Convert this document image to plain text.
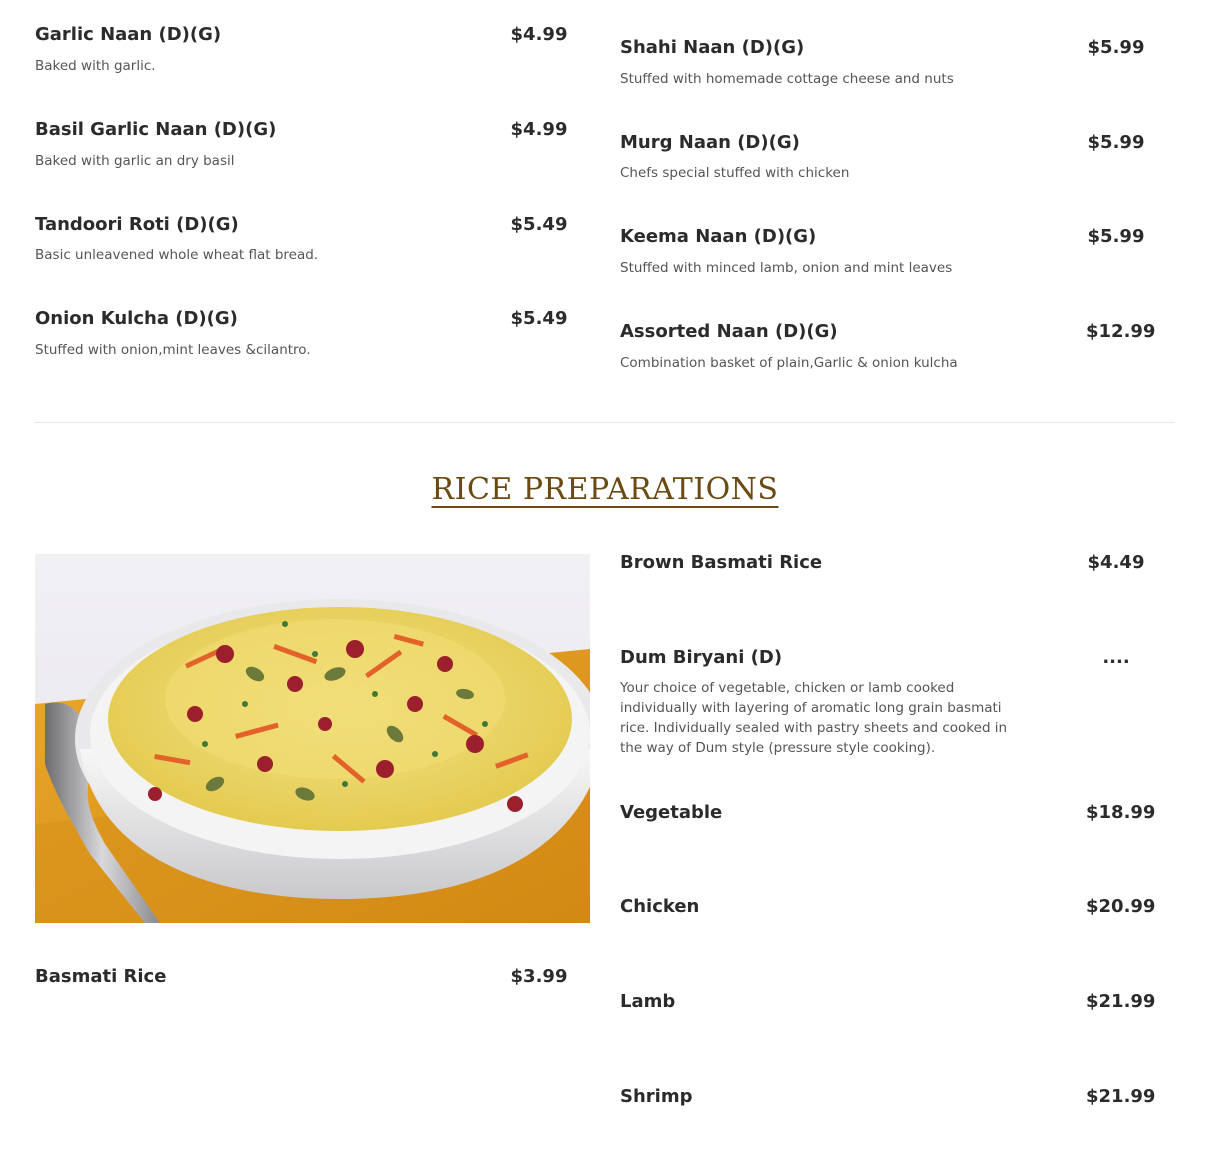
Garlic Naan (D)(G)	$4.99
Baked with garlic.
Basil Garlic Naan (D)(G)	$4.99
Baked with garlic an dry basil
Tandoori Roti (D)(G)	$5.49
Basic unleavened whole wheat flat bread.
Onion Kulcha (D)(G)	$5.49
Stuffed with onion,mint leaves &cilantro.
Shahi Naan (D)(G)	$5.99
Stuffed with homemade cottage cheese and nuts
Murg Naan (D)(G)	$5.99
Chefs special stuffed with chicken
Keema Naan (D)(G)	$5.99
Stuffed with minced lamb, onion and mint leaves
Assorted Naan (D)(G)	$12.99
Combination basket of plain,Garlic & onion kulcha
RICE PREPARATIONS
Basmati Rice	$3.99
Brown Basmati Rice	$4.49
Dum Biryani (D)	....
Your choice of vegetable, chicken or lamb cooked individually with layering of aromatic long grain basmati rice. Individually sealed with pastry sheets and cooked in the way of Dum style (pressure style cooking).
Vegetable	$18.99
Chicken	$20.99
Lamb	$21.99
Shrimp	$21.99
